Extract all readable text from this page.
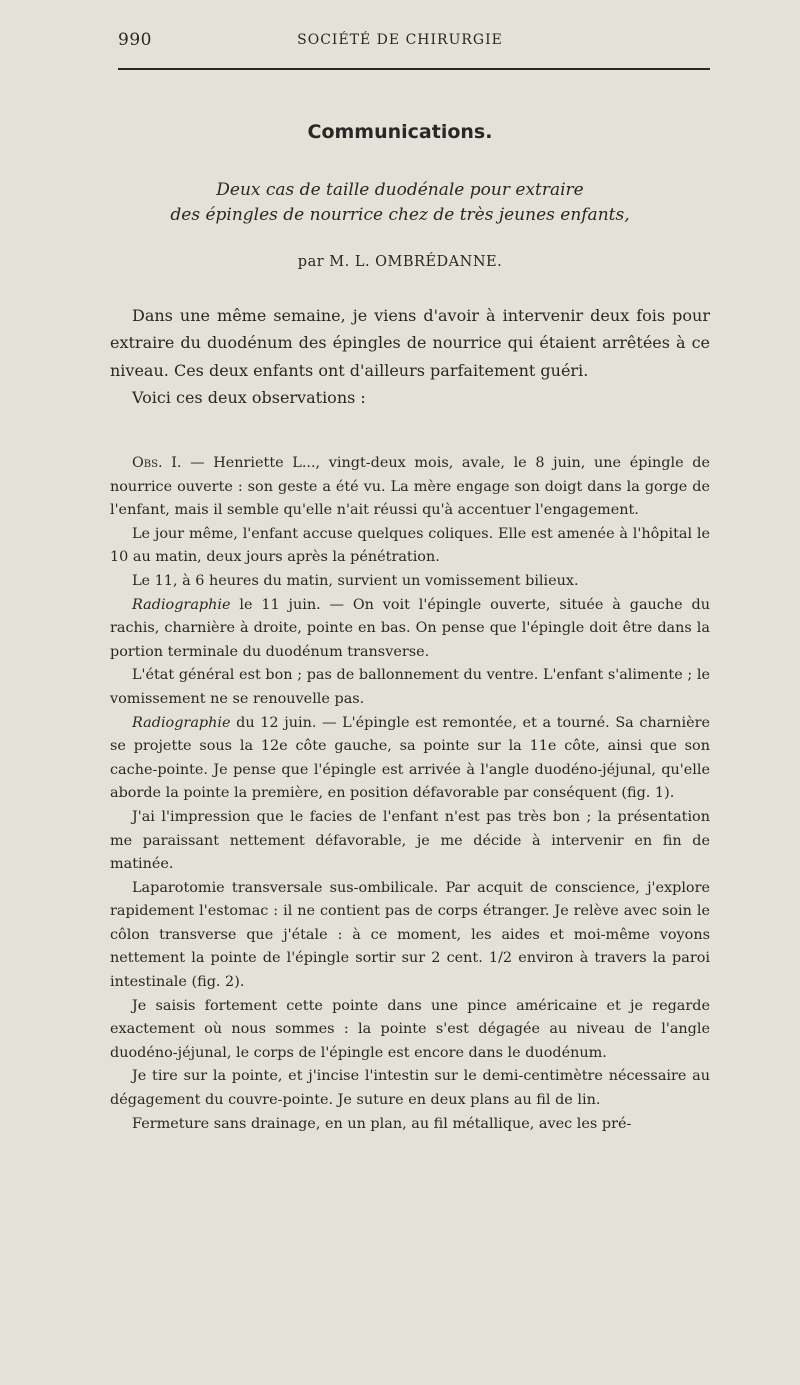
990	SOCIÉTÉ DE CHIRURGIE
Communications.
Deux cas de taille duodénale pour extraire
des épingles de nourrice chez de très jeunes enfants,
par M. L. OMBRÉDANNE.

Dans une même semaine, je viens d'avoir à intervenir deux fois pour extraire du duodénum des épingles de nourrice qui étaient arrêtées à ce niveau. Ces deux enfants ont d'ailleurs parfaitement guéri.

Voici ces deux observations :

Obs. I. — Henriette L..., vingt-deux mois, avale, le 8 juin, une épingle de nourrice ouverte : son geste a été vu. La mère engage son doigt dans la gorge de l'enfant, mais il semble qu'elle n'ait réussi qu'à accentuer l'engagement.

Le jour même, l'enfant accuse quelques coliques. Elle est amenée à l'hôpital le 10 au matin, deux jours après la pénétration.

Le 11, à 6 heures du matin, survient un vomissement bilieux.

Radiographie le 11 juin. — On voit l'épingle ouverte, située à gauche du rachis, charnière à droite, pointe en bas. On pense que l'épingle doit être dans la portion terminale du duodénum transverse.

L'état général est bon ; pas de ballonnement du ventre. L'enfant s'alimente ; le vomissement ne se renouvelle pas.

Radiographie du 12 juin. — L'épingle est remontée, et a tourné. Sa charnière se projette sous la 12e côte gauche, sa pointe sur la 11e côte, ainsi que son cache-pointe. Je pense que l'épingle est arrivée à l'angle duodéno-jéjunal, qu'elle aborde la pointe la première, en position défavorable par conséquent (fig. 1).

J'ai l'impression que le facies de l'enfant n'est pas très bon ; la présentation me paraissant nettement défavorable, je me décide à intervenir en fin de matinée.

Laparotomie transversale sus-ombilicale. Par acquit de conscience, j'explore rapidement l'estomac : il ne contient pas de corps étranger. Je relève avec soin le côlon transverse que j'étale : à ce moment, les aides et moi-même voyons nettement la pointe de l'épingle sortir sur 2 cent. 1/2 environ à travers la paroi intestinale (fig. 2).

Je saisis fortement cette pointe dans une pince américaine et je regarde exactement où nous sommes : la pointe s'est dégagée au niveau de l'angle duodéno-jéjunal, le corps de l'épingle est encore dans le duodénum.

Je tire sur la pointe, et j'incise l'intestin sur le demi-centimètre nécessaire au dégagement du couvre-pointe. Je suture en deux plans au fil de lin.

Fermeture sans drainage, en un plan, au fil métallique, avec les pré-
